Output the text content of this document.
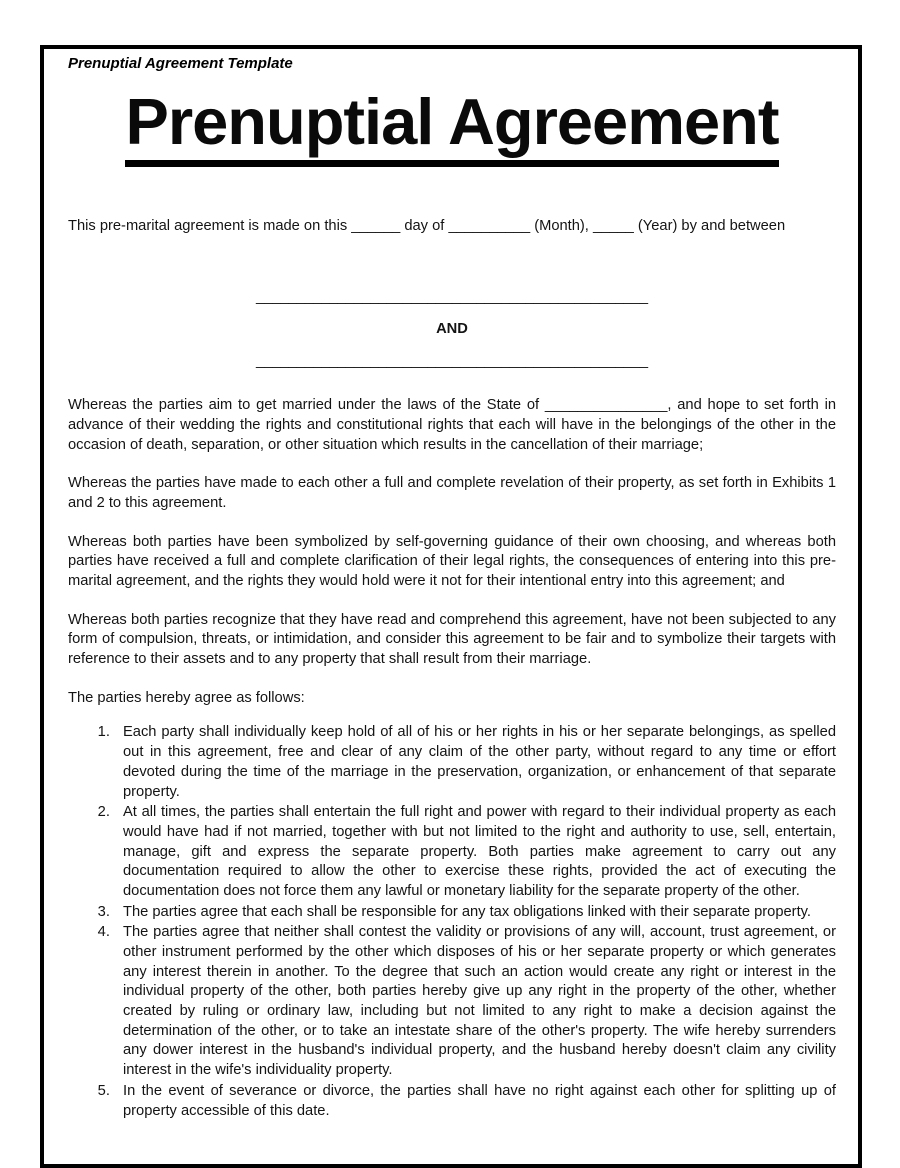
Prenuptial Agreement Template
Prenuptial Agreement

This pre-marital agreement is made on this ______ day of __________ (Month), _____ (Year) by and between

________________________________________________
AND
________________________________________________

Whereas the parties aim to get married under the laws of the State of _______________, and hope to set forth in advance of their wedding the rights and constitutional rights that each will have in the belongings of the other in the occasion of death, separation, or other situation which results in the cancellation of their marriage;

Whereas the parties have made to each other a full and complete revelation of their property, as set forth in Exhibits 1 and 2 to this agreement.

Whereas both parties have been symbolized by self-governing guidance of their own choosing, and whereas both parties have received a full and complete clarification of their legal rights, the consequences of entering into this pre-marital agreement, and the rights they would hold were it not for their intentional entry into this agreement; and

Whereas both parties recognize that they have read and comprehend this agreement, have not been subjected to any form of compulsion, threats, or intimidation, and consider this agreement to be fair and to symbolize their targets with reference to their assets and to any property that shall result from their marriage.

The parties hereby agree as follows:

1. Each party shall individually keep hold of all of his or her rights in his or her separate belongings, as spelled out in this agreement, free and clear of any claim of the other party, without regard to any time or effort devoted during the time of the marriage in the preservation, organization, or enhancement of that separate property.
2. At all times, the parties shall entertain the full right and power with regard to their individual property as each would have had if not married, together with but not limited to the right and authority to use, sell, entertain, manage, gift and express the separate property. Both parties make agreement to carry out any documentation required to allow the other to exercise these rights, provided the act of executing the documentation does not force them any lawful or monetary liability for the separate property of the other.
3. The parties agree that each shall be responsible for any tax obligations linked with their separate property.
4. The parties agree that neither shall contest the validity or provisions of any will, account, trust agreement, or other instrument performed by the other which disposes of his or her separate property or which generates any interest therein in another. To the degree that such an action would create any right or interest in the individual property of the other, both parties hereby give up any right in the property of the other, whether created by ruling or ordinary law, including but not limited to any right to make a decision against the determination of the other, or to take an intestate share of the other's property. The wife hereby surrenders any dower interest in the husband's individual property, and the husband hereby doesn't claim any civility interest in the wife's individuality property.
5. In the event of severance or divorce, the parties shall have no right against each other for splitting up of property accessible of this date.
